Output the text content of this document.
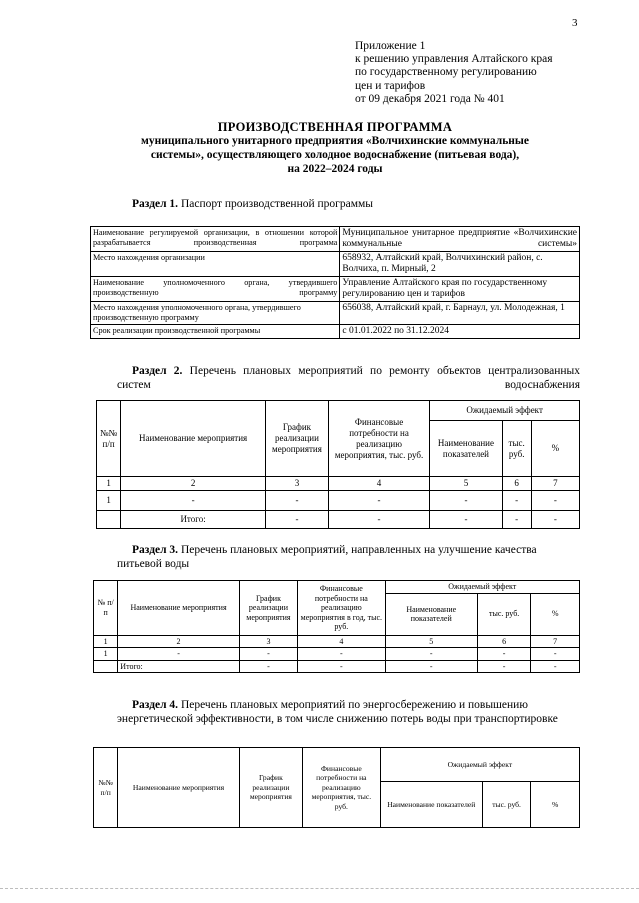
3
Приложение 1
к решению управления Алтайского края
по государственному регулированию
цен и тарифов
от 09 декабря 2021 года № 401
ПРОИЗВОДСТВЕННАЯ ПРОГРАММА
муниципального унитарного предприятия «Волчихинские коммунальные
системы», осуществляющего холодное водоснабжение (питьевая вода),
на 2022–2024 годы
Раздел 1. Паспорт производственной программы
Наименование регулируемой организации, в отношении которой разрабатывается производственная программа	Муниципальное унитарное предприятие «Волчихинские коммунальные системы»
Место нахождения организации	658932, Алтайский край, Волчихинский район, с. Волчиха, п. Мирный, 2
Наименование уполномоченного органа, утвердившего производственную программу	Управление Алтайского края по государственному регулированию цен и тарифов
Место нахождения уполномоченного органа, утвердившего производственную программу	656038, Алтайский край, г. Барнаул, ул. Молодежная, 1
Срок реализации производственной программы	с 01.01.2022 по 31.12.2024
Раздел 2. Перечень плановых мероприятий по ремонту объектов централизованных систем водоснабжения
№№ п/п	Наименование мероприятия	График реализации мероприятия	Финансовые потребности на реализацию мероприятия, тыс. руб.	Ожидаемый эффект		
				Наименование показателей	тыс. руб.	%
1	2	3	4	5	6	7
1	-	-	-	-	-	-
	Итого:	-	-	-	-	-
Раздел 3. Перечень плановых мероприятий, направленных на улучшение качества питьевой воды
№ п/п	Наименование мероприятия	График реализации мероприятия	Финансовые потребности на реализацию мероприятия в год, тыс. руб.	Ожидаемый эффект		
				Наименование показателей	тыс. руб.	%
1	2	3	4	5	6	7
1	-	-	-	-	-	-
	Итого:	-	-	-	-	-
Раздел 4. Перечень плановых мероприятий по энергосбережению и повышению энергетической эффективности, в том числе снижению потерь воды при транспортировке
№№ п/п	Наименование мероприятия	График реализации мероприятия	Финансовые потребности на реализацию мероприятия, тыс. руб.	Ожидаемый эффект		
				Наименование показателей	тыс. руб.	%
